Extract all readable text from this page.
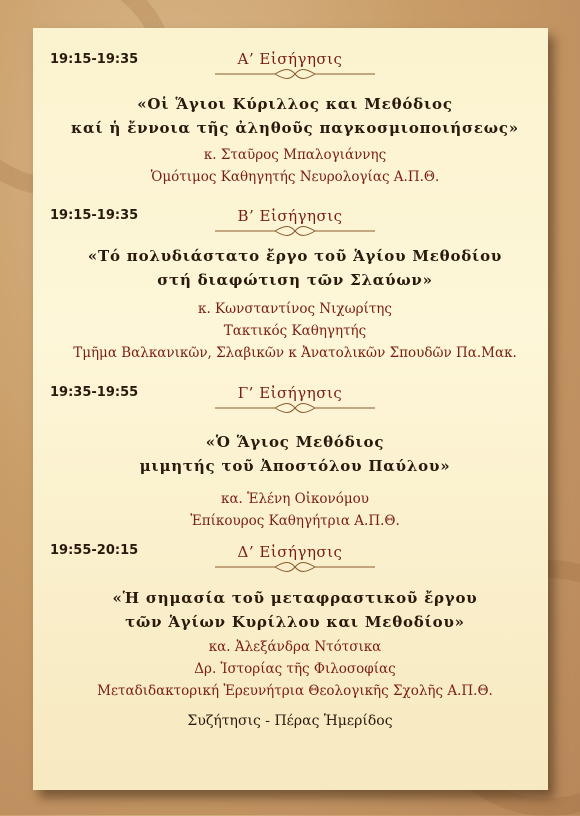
19:15-19:35	Α’ Εἰσήγησις
«Οἱ Ἅγιοι Κύριλλος και Μεθόδιος
καί ἡ ἔννοια τῆς ἀληθοῦς παγκοσμιοποιήσεως»
κ. Σταῦρος Μπαλογιάννης
Ὁμότιμος Καθηγητής Νευρολογίας Α.Π.Θ.
19:15-19:35	Β’ Εἰσήγησις
«Τό πολυδιάστατο ἔργο τοῦ Ἁγίου Μεθοδίου
στή διαφώτιση τῶν Σλαύων»
κ. Κωνσταντίνος Νιχωρίτης
Τακτικός Καθηγητής
Τμῆμα Βαλκανικῶν, Σλαβικῶν κ Ἀνατολικῶν Σπουδῶν Πα.Μακ.
19:35-19:55	Γ’ Εἰσήγησις
«Ὁ Ἅγιος Μεθόδιος
μιμητής τοῦ Ἀποστόλου Παύλου»
κα. Ἑλένη Οἰκονόμου
Ἐπίκουρος Καθηγήτρια Α.Π.Θ.
19:55-20:15	Δ’ Εἰσήγησις
«Ἡ σημασία τοῦ μεταφραστικοῦ ἔργου
τῶν Ἁγίων Κυρίλλου και Μεθοδίου»
κα. Ἀλεξάνδρα Ντότσικα
Δρ. Ἱστορίας τῆς Φιλοσοφίας
Μεταδιδακτορική Ἐρευνήτρια Θεολογικῆς Σχολῆς Α.Π.Θ.
Συζήτησις - Πέρας Ἡμερίδος
